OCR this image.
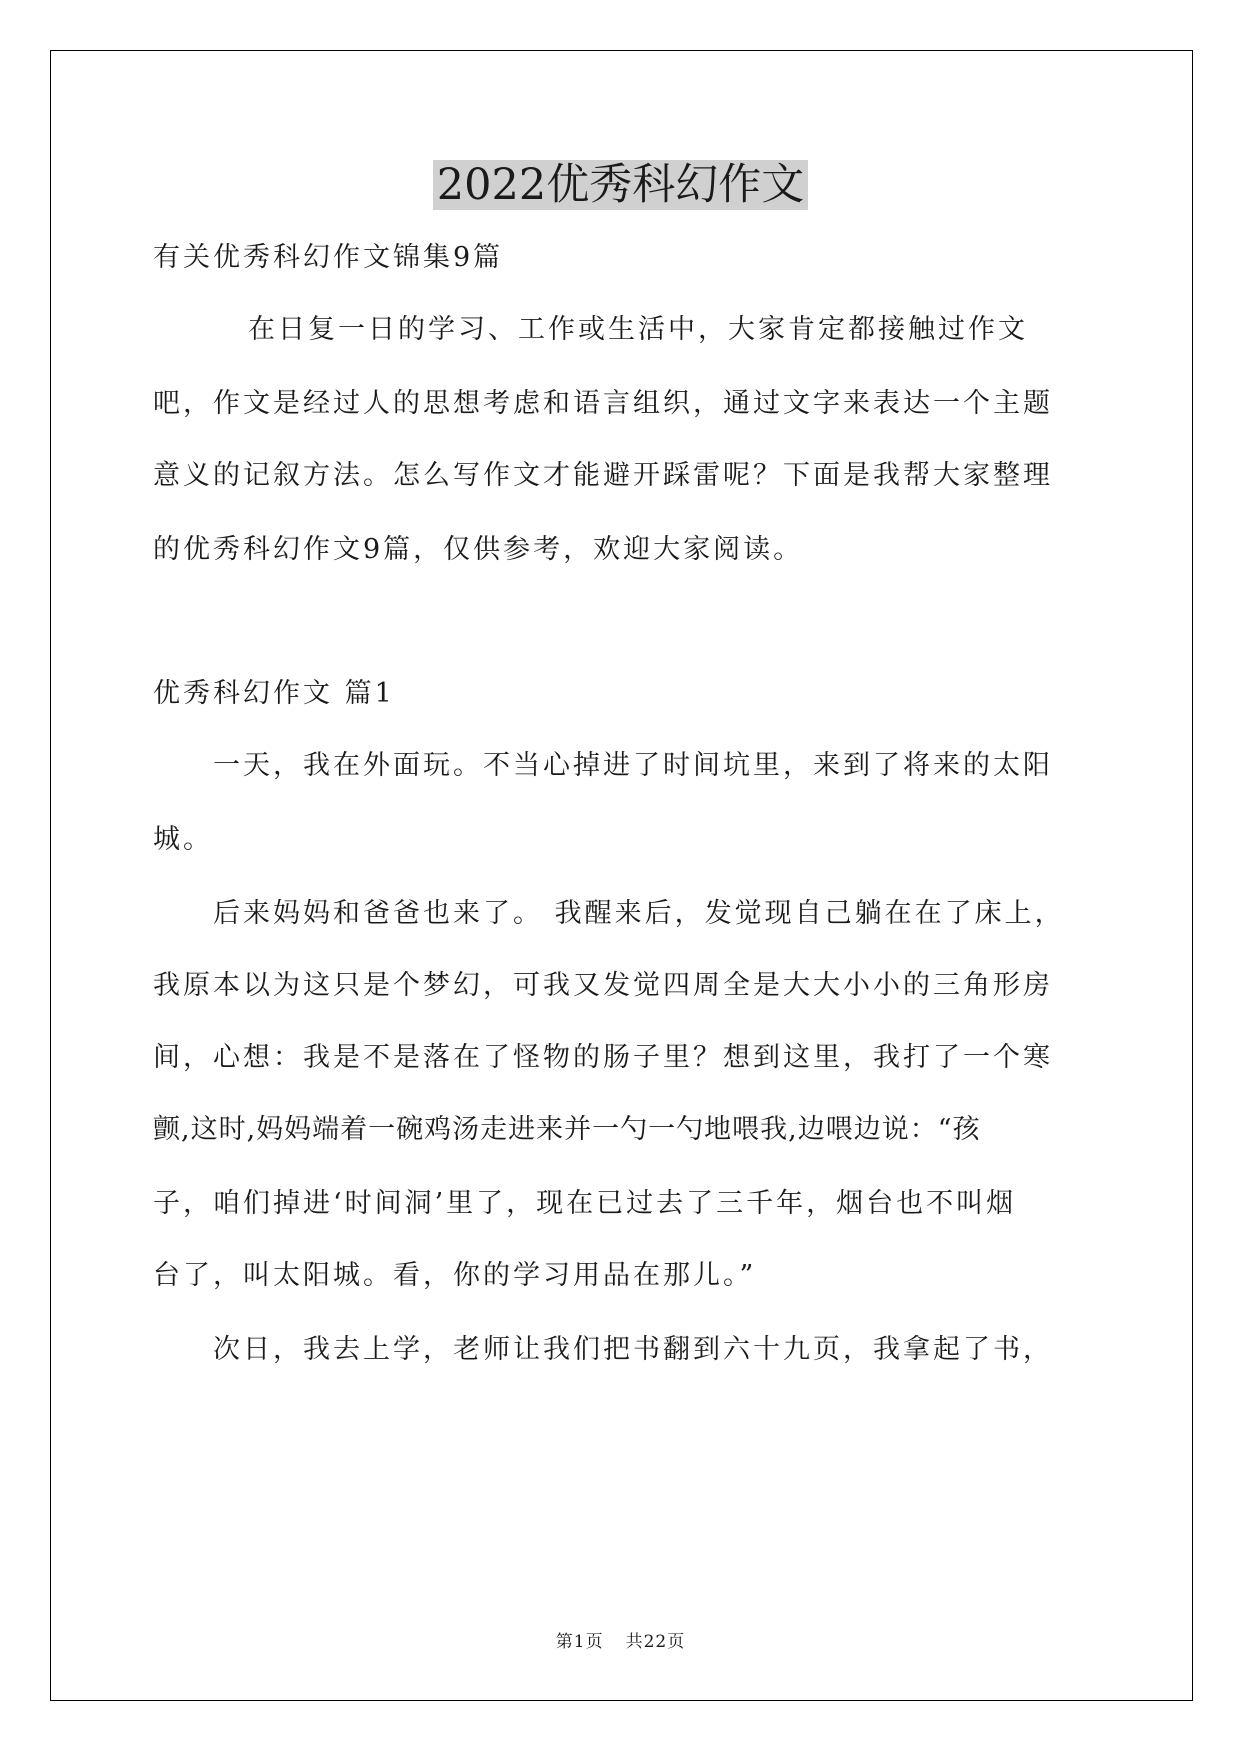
2022优秀科幻作文
有关优秀科幻作文锦集9篇
在日复一日的学习、工作或生活中，大家肯定都接触过作文
吧，作文是经过人的思想考虑和语言组织，通过文字来表达一个主题
意义的记叙方法。怎么写作文才能避开踩雷呢？下面是我帮大家整理
的优秀科幻作文9篇，仅供参考，欢迎大家阅读。
优秀科幻作文 篇1
一天，我在外面玩。不当心掉进了时间坑里，来到了将来的太阳
城。
后来妈妈和爸爸也来了。 我醒来后，发觉现自己躺在在了床上，
我原本以为这只是个梦幻，可我又发觉四周全是大大小小的三角形房
间，心想：我是不是落在了怪物的肠子里？想到这里，我打了一个寒
颤,这时,妈妈端着一碗鸡汤走进来并一勺一勺地喂我,边喂边说：“孩
子，咱们掉进‘时间洞’里了，现在已过去了三千年，烟台也不叫烟
台了，叫太阳城。看，你的学习用品在那儿。”
次日，我去上学，老师让我们把书翻到六十九页，我拿起了书，
第1页 共22页
